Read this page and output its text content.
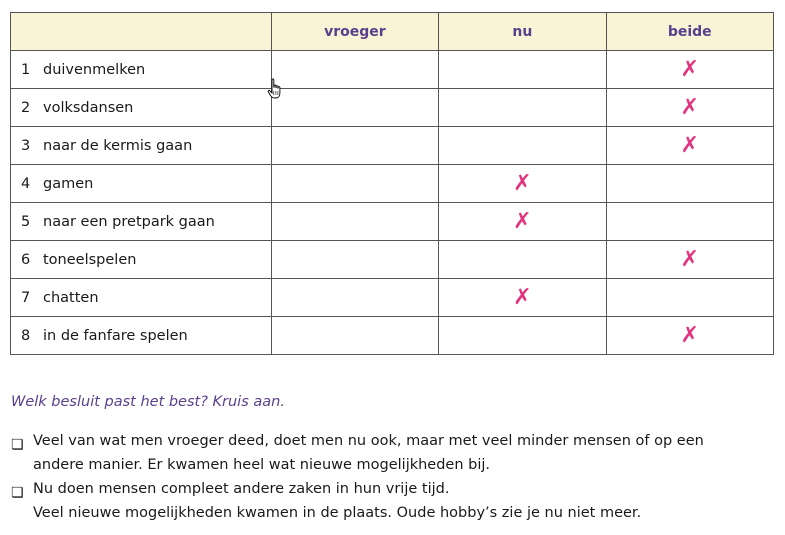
	vroeger	nu	beide
1 duivenmelken			✗
2 volksdansen			✗
3 naar de kermis gaan			✗
4 gamen		✗	
5 naar een pretpark gaan		✗	
6 toneelspelen			✗
7 chatten		✗	
8 in de fanfare spelen			✗
Welk besluit past het best? Kruis aan.
❏ Veel van wat men vroeger deed, doet men nu ook, maar met veel minder mensen of op een andere manier. Er kwamen heel wat nieuwe mogelijkheden bij.
❏ Nu doen mensen compleet andere zaken in hun vrije tijd.
Veel nieuwe mogelijkheden kwamen in de plaats. Oude hobby’s zie je nu niet meer.
